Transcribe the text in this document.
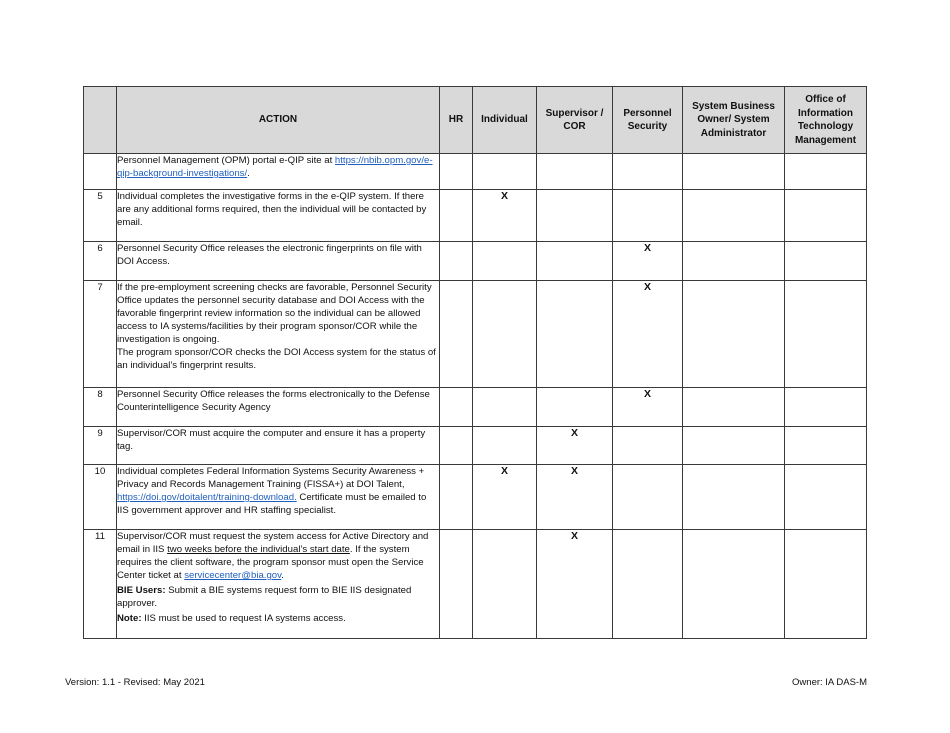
	ACTION	HR	Individual	Supervisor / COR	Personnel Security	System Business Owner/ System Administrator	Office of Information Technology Management

	Personnel Management (OPM) portal e-QIP site at https://nbib.opm.gov/e-qip-background-investigations/.						

5	Individual completes the investigative forms in the e-QIP system. If there are any additional forms required, then the individual will be contacted by email.		X				
6	Personnel Security Office releases the electronic fingerprints on file with DOI Access.				X		
7	If the pre-employment screening checks are favorable, Personnel Security Office updates the personnel security database and DOI Access with the favorable fingerprint review information so the individual can be allowed access to IA systems/facilities by their program sponsor/COR while the investigation is ongoing.

The program sponsor/COR checks the DOI Access system for the status of an individual’s fingerprint results.				X		
8	Personnel Security Office releases the forms electronically to the Defense Counterintelligence Security Agency				X		
9	Supervisor/COR must acquire the computer and ensure it has a property tag.			X			
10	Individual completes Federal Information Systems Security Awareness + Privacy and Records Management Training (FISSA+) at DOI Talent, https://doi.gov/doitalent/training-download. Certificate must be emailed to IIS government approver and HR staffing specialist.		X	X			
11	Supervisor/COR must request the system access for Active Directory and email in IIS two weeks before the individual’s start date. If the system requires the client software, the program sponsor must open the Service Center ticket at servicecenter@bia.gov.

BIE Users: Submit a BIE systems request form to BIE IIS designated approver.

Note: IIS must be used to request IA systems access.			X			
Version: 1.1 - Revised: May 2021	Owner: IA DAS-M
